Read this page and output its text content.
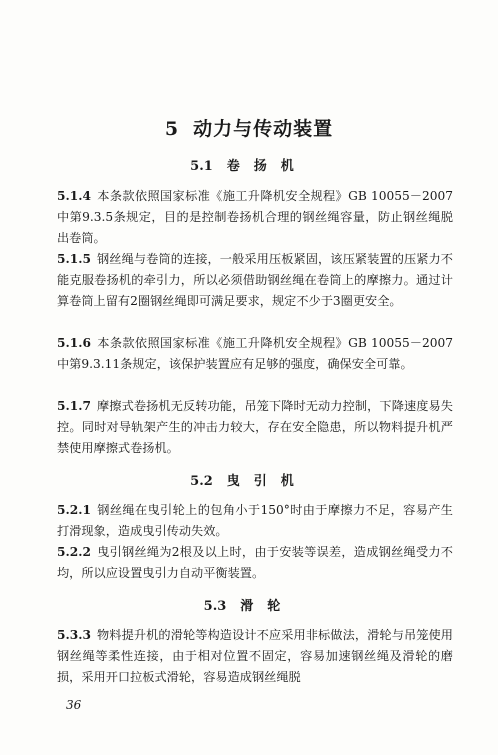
5 动力与传动装置
5.1 卷扬机
5.1.4 本条款依照国家标准《施工升降机安全规程》GB 10055－2007中第9.3.5条规定，目的是控制卷扬机合理的钢丝绳容量，防止钢丝绳脱出卷筒。
5.1.5 钢丝绳与卷筒的连接，一般采用压板紧固，该压紧装置的压紧力不能克服卷扬机的牵引力，所以必须借助钢丝绳在卷筒上的摩擦力。通过计算卷筒上留有2圈钢丝绳即可满足要求，规定不少于3圈更安全。
5.1.6 本条款依照国家标准《施工升降机安全规程》GB 10055－2007中第9.3.11条规定，该保护装置应有足够的强度，确保安全可靠。
5.1.7 摩擦式卷扬机无反转功能，吊笼下降时无动力控制，下降速度易失控。同时对导轨架产生的冲击力较大，存在安全隐患，所以物料提升机严禁使用摩擦式卷扬机。
5.2 曳引机
5.2.1 钢丝绳在曳引轮上的包角小于150°时由于摩擦力不足，容易产生打滑现象，造成曳引传动失效。
5.2.2 曳引钢丝绳为2根及以上时，由于安装等误差，造成钢丝绳受力不均，所以应设置曳引力自动平衡装置。
5.3 滑轮
5.3.3 物料提升机的滑轮等构造设计不应采用非标做法，滑轮与吊笼使用钢丝绳等柔性连接，由于相对位置不固定，容易加速钢丝绳及滑轮的磨损，采用开口拉板式滑轮，容易造成钢丝绳脱
36
